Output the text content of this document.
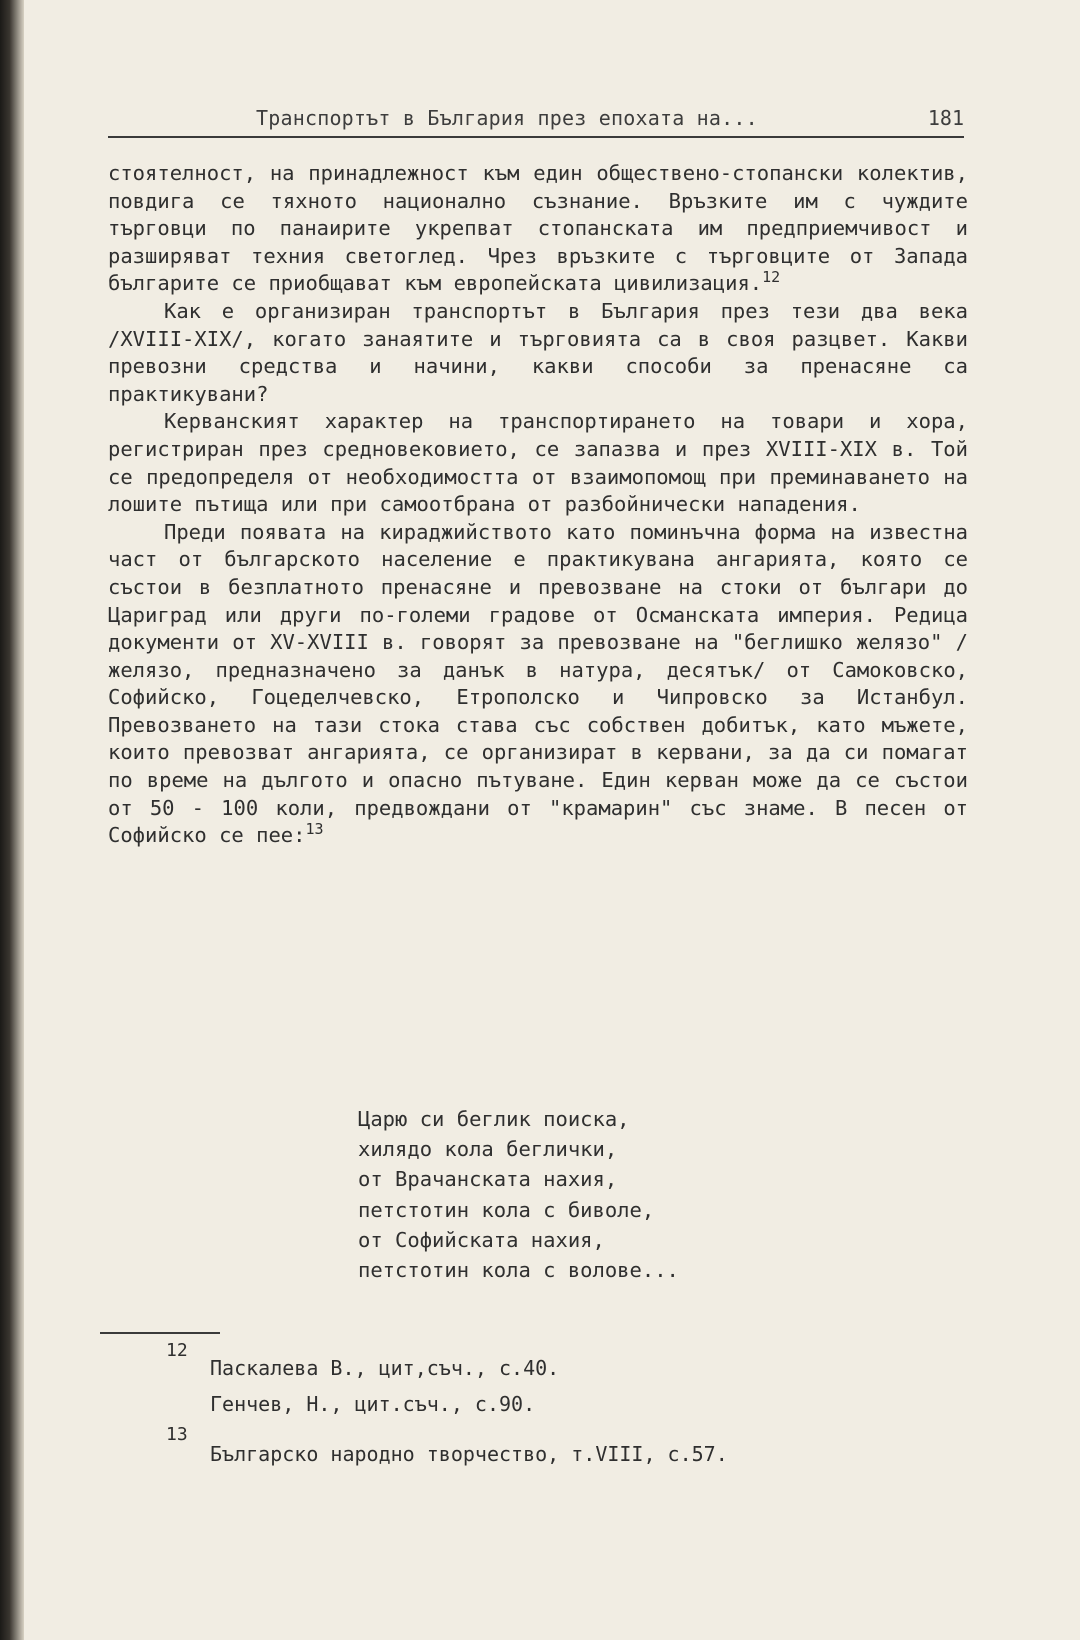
Транспортът в България през епохата на...	181

стоятелност, на принадлежност към един обществено-стопански колектив, повдига се тяхното национално съзнание. Връзките им с чуждите търговци по панаирите укрепват стопанската им предприемчивост и разширяват техния светоглед. Чрез връзките с търговците от Запада българите се приобщават към европейската цивилизация.$^{12}$

Как е организиран транспортът в България през тези два века /XVIII-XIX/, когато занаятите и търговията са в своя разцвет. Какви превозни средства и начини, какви способи за пренасяне са практикувани?

Керванският характер на транспортирането на товари и хора, регистриран през средновековието, се запазва и през XVIII-XIX в. Той се предопределя от необходимостта от взаимопомощ при преминаването на лошите пътища или при самоотбрана от разбойнически нападения.

Преди появата на кираджийството като поминъчна форма на известна част от българското население е практикувана ангарията, която се състои в безплатното пренасяне и превозване на стоки от българи до Цариград или други по-големи градове от Османската империя. Редица документи от XV-XVIII в. говорят за превозване на "беглишко желязо" /желязо, предназначено за данък в натура, десятък/ от Самоковско, Софийско, Гоцеделчевско, Етрополско и Чипровско за Истанбул. Превозването на тази стока става със собствен добитък, като мъжете, които превозват ангарията, се организират в кервани, за да си помагат по време на дългото и опасно пътуване. Един керван може да се състои от 50 - 100 коли, предвождани от "крамарин" със знаме. В песен от Софийско се пее:$^{13}$

Царю си беглик поиска,
хилядо кола беглички,
от Врачанската нахия,
петстотин кола с биволе,
от Софийската нахия,
петстотин кола с волове...
12
Паскалева В., цит,съч., с.40.
Генчев, Н., цит.съч., с.90.
13
Българско народно творчество, т.VIII, с.57.
